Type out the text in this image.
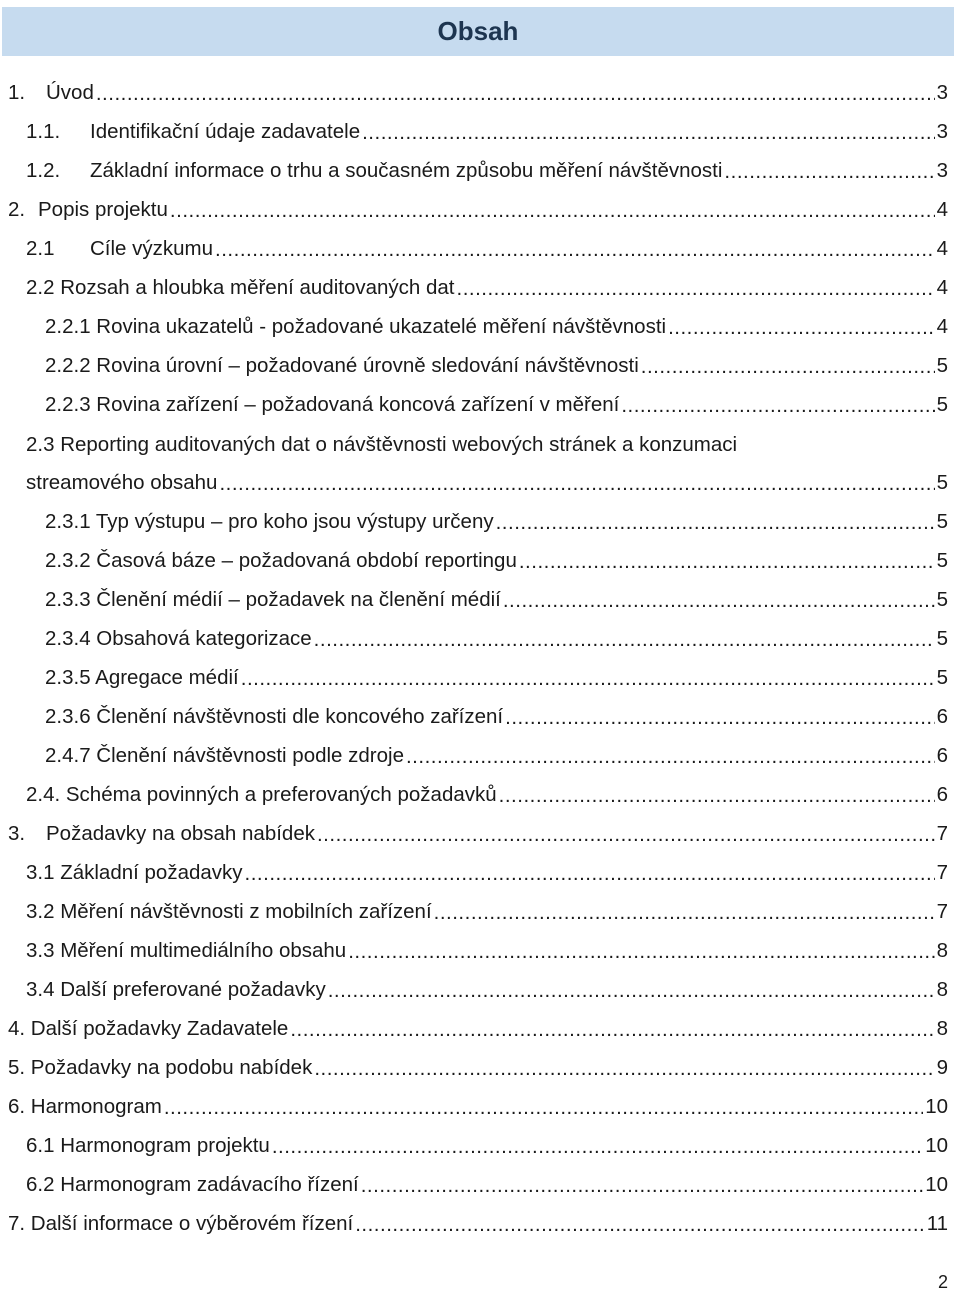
Obsah
1.	Úvod .....	3
1.1.	Identifikační údaje zadavatele .....	3
1.2.	Základní informace o trhu a současném způsobu měření návštěvnosti .....	3
2. Popis projektu .....	4
2.1	Cíle výzkumu .....	4
2.2 Rozsah a hloubka měření auditovaných dat .....	4
2.2.1 Rovina ukazatelů - požadované ukazatelé měření návštěvnosti .....	4
2.2.2 Rovina úrovní – požadované úrovně sledování návštěvnosti .....	5
2.2.3 Rovina zařízení – požadovaná koncová zařízení v měření .....	5
2.3 Reporting auditovaných dat o návštěvnosti webových stránek a konzumaci
streamového obsahu .....	5
2.3.1 Typ výstupu – pro koho jsou výstupy určeny .....	5
2.3.2 Časová báze – požadovaná období reportingu .....	5
2.3.3 Členění médií – požadavek na členění médií .....	5
2.3.4 Obsahová kategorizace .....	5
2.3.5 Agregace médií .....	5
2.3.6 Členění návštěvnosti dle koncového zařízení .....	6
2.4.7 Členění návštěvnosti podle zdroje .....	6
2.4. Schéma povinných a preferovaných požadavků .....	6
3.	Požadavky na obsah nabídek .....	7
3.1 Základní požadavky .....	7
3.2 Měření návštěvnosti z mobilních zařízení .....	7
3.3 Měření multimediálního obsahu .....	8
3.4 Další preferované požadavky .....	8
4. Další požadavky Zadavatele .....	8
5. Požadavky na podobu nabídek .....	9
6. Harmonogram .....	10
6.1 Harmonogram projektu .....	10
6.2 Harmonogram zadávacího řízení .....	10
7. Další informace o výběrovém řízení .....	11
2
